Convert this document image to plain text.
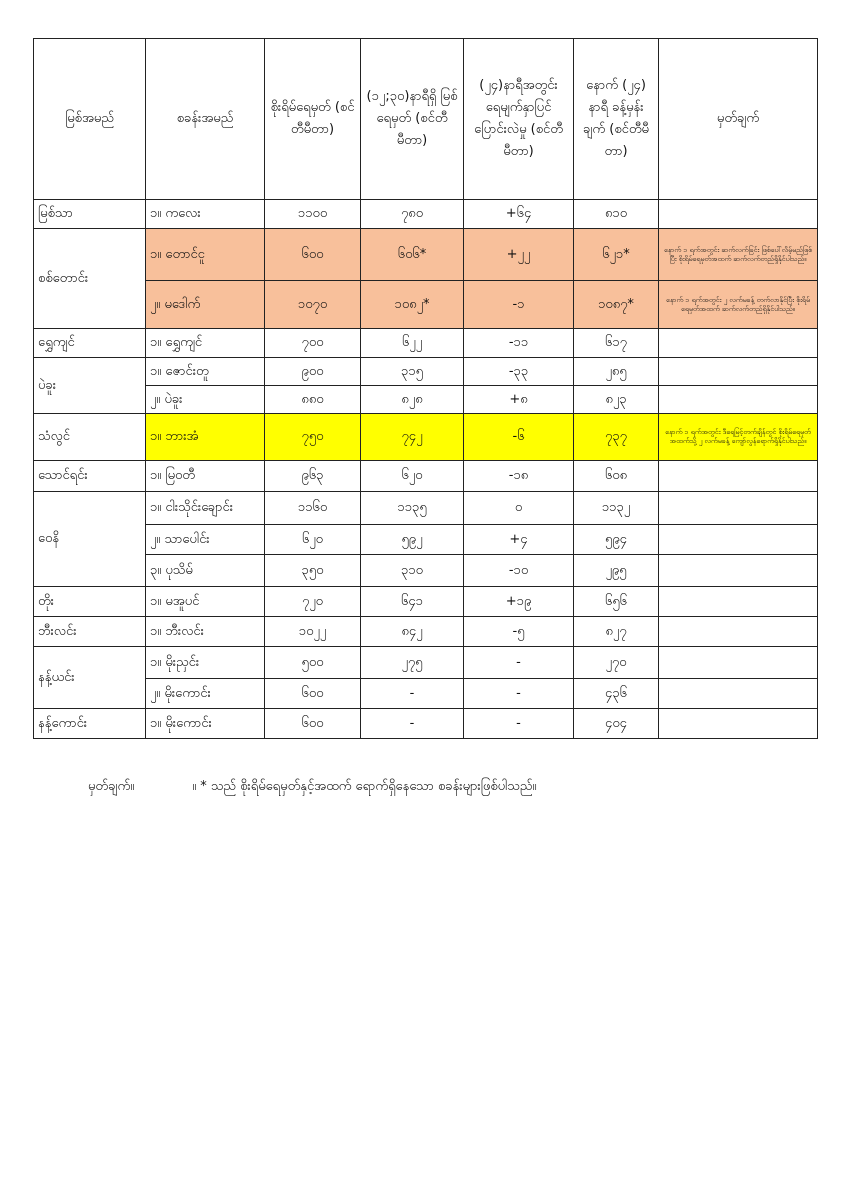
မြစ်အမည်	စခန်းအမည်	စိုးရိမ်ရေမှတ် (စင်တီမီတာ)	(၁၂;၃၀)နာရီရှိ မြစ်ရေမှတ် (စင်တီမီတာ)	(၂၄)နာရီအတွင်း ရေမျက်နှာပြင် ပြောင်းလဲမှု (စင်တီမီတာ)	နောက် (၂၄) နာရီ ခန့်မှန်းချက် (စင်တီမီ တာ)	မှတ်ချက်
မြစ်သာ	၁။ ကလေး	၁၁၀၀	၇၈၀	+၆၄	၈၁၀	
စစ်တောင်း	၁။ တောင်ငူ	၆၀၀	၆၀၆*	+၂၂	၆၂၁*	နောက် ၁ ရက်အတွင်း ဆက်လက်ခြင်း ဖြစ်ပေါ်လိမ့်မည်ဖြစ်ပြီး စိုးရိမ်ရေမှတ်အထက် ဆက်လက်တည်ရှိနိုင်ပါသည်။
	၂။ မဒေါက်	၁၀၇၀	၁၀၈၂*	-၁	၁၀၈၇*	နောက် ၁ ရက်အတွင်း ၂ လက်မခန့် တက်လာနိုင်ပြီး စိုးရိမ်ရေမှတ်အထက် ဆက်လက်တည်ရှိနိုင်ပါသည်။
ရွှေကျင်	၁။ ရွှေကျင်	၇၀၀	၆၂၂	-၁၁	၆၁၇	
ပဲခူး	၁။ ဇောင်းတူ	၉၀၀	၃၁၅	-၃၃	၂၈၅	
	၂။ ပဲခူး	၈၈၀	၈၂၈	+၈	၈၂၃	
သံလွင်	၁။ ဘားအံ	၇၅၀	၇၄၂	-၆	၇၃၇	နောက် ၁ ရက်အတွင်း ဒီရေမြင့်တက်ချိန်တွင် စိုးရိမ်ရေမှတ်အထက်သို့ ၂ လက်မခန့် ကျော်လွန်ရောက်ရှိနိုင်ပါသည်။
သောင်ရင်း	၁။ မြဝတီ	၉၆၃	၆၂၀	-၁၈	၆၀၈	
ဝေနိ	၁။ ငါးသိုင်းချောင်း	၁၁၆၀	၁၁၃၅	၀	၁၁၃၂	
	၂။ သာပေါင်း	၆၂၀	၅၉၂	+၄	၅၉၄	
	၃။ ပုသိမ်	၃၅၀	၃၁၀	-၁၀	၂၉၅	
တိုး	၁။ မအူပင်	၇၂၀	၆၄၁	+၁၉	၆၅၆	
ဘီးလင်း	၁။ ဘီးလင်း	၁၀၂၂	၈၄၂	-၅	၈၂၇	
နန့်ယင်း	၁။ မိုးညှင်း	၅၀၀	၂၇၅	-	၂၇၀	
	၂။ မိုးကောင်း	၆၀၀	-	-	၄၃၆	
နန့်ကောင်း	၁။ မိုးကောင်း	၆၀၀	-	-	၄၀၄	
မှတ်ချက်။	။ * သည် စိုးရိမ်ရေမှတ်နှင့်အထက် ရောက်ရှိနေသော စခန်းများဖြစ်ပါသည်။
